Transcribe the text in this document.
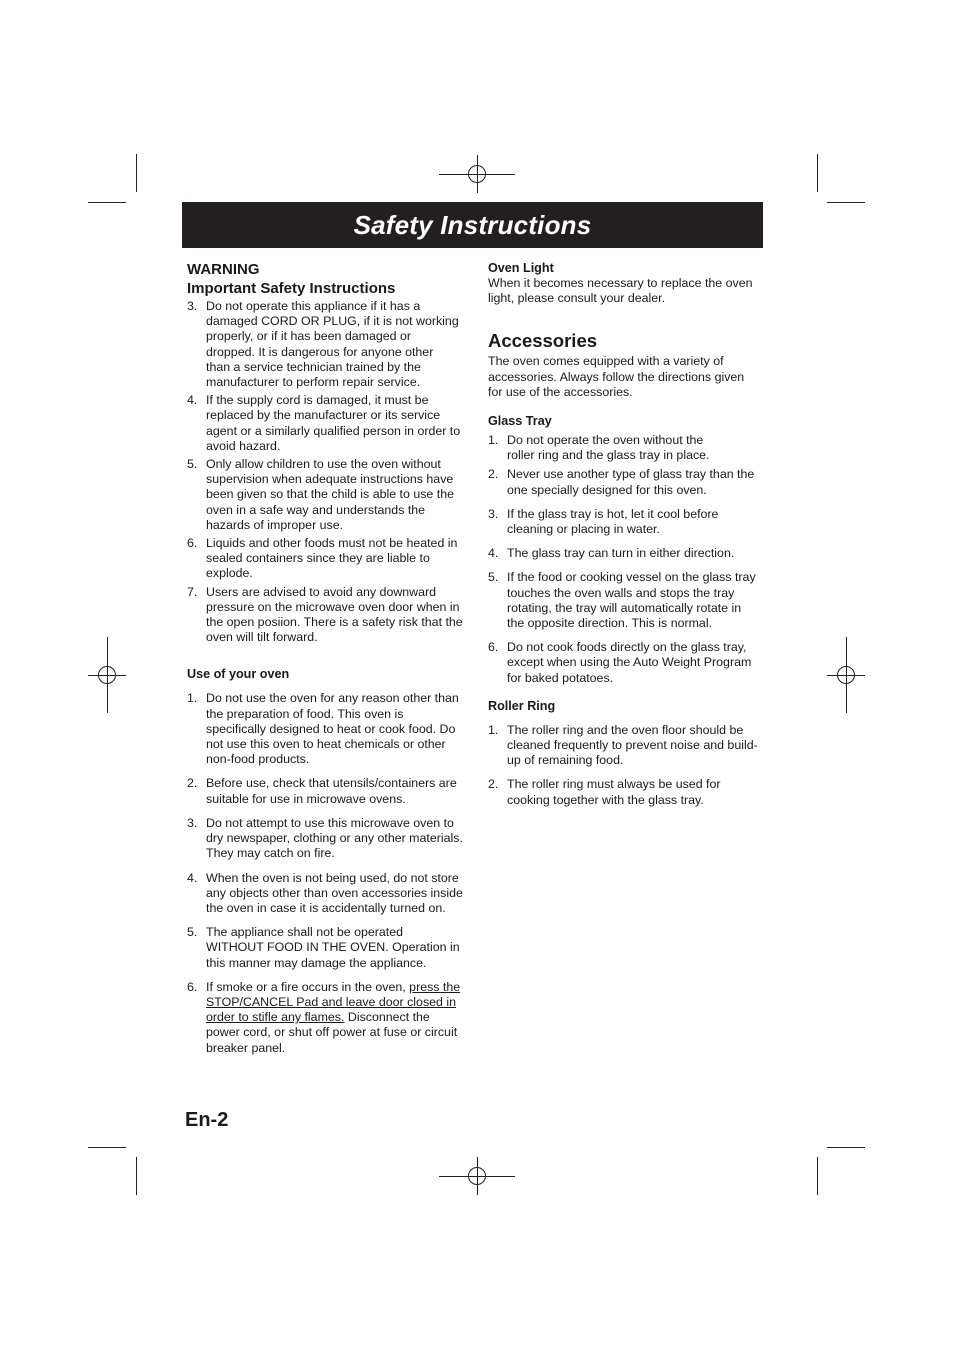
Safety Instructions

WARNING

Important Safety Instructions

3. Do not operate this appliance if it has a damaged CORD OR PLUG, if it is not working properly, or if it has been damaged or dropped. It is dangerous for anyone other than a service technician trained by the manufacturer to perform repair service.
4. If the supply cord is damaged, it must be replaced by the manufacturer or its service agent or a similarly qualified person in order to avoid hazard.
5. Only allow children to use the oven without supervision when adequate instructions have been given so that the child is able to use the oven in a safe way and understands the hazards of improper use.
6. Liquids and other foods must not be heated in sealed containers since they are liable to explode.
7. Users are advised to avoid any downward pressure on the microwave oven door when in the open posiion. There is a safety risk that the oven will tilt forward.

Use of your oven

1. Do not use the oven for any reason other than the preparation of food. This oven is specifically designed to heat or cook food. Do not use this oven to heat chemicals or other non-food products.
2. Before use, check that utensils/containers are suitable for use in microwave ovens.
3. Do not attempt to use this microwave oven to dry newspaper, clothing or any other materials. They may catch on fire.
4. When the oven is not being used, do not store any objects other than oven accessories inside the oven in case it is accidentally turned on.
5. The appliance shall not be operated WITHOUT FOOD IN THE OVEN. Operation in this manner may damage the appliance.
6. If smoke or a fire occurs in the oven, press the STOP/CANCEL Pad and leave door closed in order to stifle any flames. Disconnect the power cord, or shut off power at fuse or circuit breaker panel.

Oven Light

When it becomes necessary to replace the oven light, please consult your dealer.

Accessories

The oven comes equipped with a variety of accessories. Always follow the directions given for use of the accessories.

Glass Tray

1. Do not operate the oven without the roller ring and the glass tray in place.
2. Never use another type of glass tray than the one specially designed for this oven.
3. If the glass tray is hot, let it cool before cleaning or placing in water.
4. The glass tray can turn in either direction.
5. If the food or cooking vessel on the glass tray touches the oven walls and stops the tray rotating, the tray will automatically rotate in the opposite direction. This is normal.
6. Do not cook foods directly on the glass tray, except when using the Auto Weight Program for baked potatoes.

Roller Ring

1. The roller ring and the oven floor should be cleaned frequently to prevent noise and build-up of remaining food.
2. The roller ring must always be used for cooking together with the glass tray.
En-2
